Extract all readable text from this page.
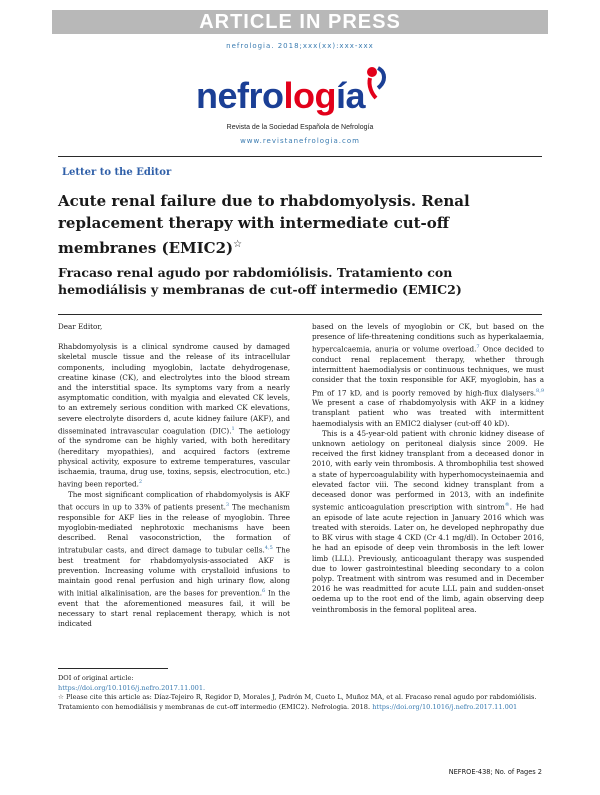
ARTICLE IN PRESS
nefrologia. 2018;xxx(xx):xxx-xxx
nefrología
Revista de la Sociedad Española de Nefrología
www.revistanefrologia.com
Letter to the Editor
Acute renal failure due to rhabdomyolysis. Renal replacement therapy with intermediate cut-off membranes (EMIC2)☆
Fracaso renal agudo por rabdomiólisis. Tratamiento con hemodiálisis y membranas de cut-off intermedio (EMIC2)

Dear Editor,

Rhabdomyolysis is a clinical syndrome caused by damaged skeletal muscle tissue and the release of its intracellular components, including myoglobin, lactate dehydrogenase, creatine kinase (CK), and electrolytes into the blood stream and the interstitial space. Its symptoms vary from a nearly asymptomatic condition, with myalgia and elevated CK levels, to an extremely serious condition with marked CK elevations, severe electrolyte disorders d, acute kidney failure (AKF), and disseminated intravascular coagulation (DIC).$^1$ The aetiology of the syndrome can be highly varied, with both hereditary (hereditary myopathies), and acquired factors (extreme physical activity, exposure to extreme temperatures, vascular ischaemia, trauma, drug use, toxins, sepsis, electrocution, etc.) having been reported.$^2$

The most significant complication of rhabdomyolysis is AKF that occurs in up to 33% of patients present.$^3$ The mechanism responsible for AKF lies in the release of myoglobin. Three myoglobin-mediated nephrotoxic mechanisms have been described. Renal vasoconstriction, the formation of intratubular casts, and direct damage to tubular cells.$^{4,5}$ The best treatment for rhabdomyolysis-associated AKF is prevention. Increasing volume with crystalloid infusions to maintain good renal perfusion and high urinary flow, along with initial alkalinisation, are the bases for prevention.$^6$ In the event that the aforementioned measures fail, it will be necessary to start renal replacement therapy, which is not indicated

based on the levels of myoglobin or CK, but based on the presence of life-threatening conditions such as hyperkalaemia, hypercalcaemia, anuria or volume overload.$^7$ Once decided to conduct renal replacement therapy, whether through intermittent haemodialysis or continuous techniques, we must consider that the toxin responsible for AKF, myoglobin, has a Pm of 17 kD, and is poorly removed by high-flux dialysers.$^{8,9}$ We present a case of rhabdomyolysis with AKF in a kidney transplant patient who was treated with intermittent haemodialysis with an EMIC2 dialyser (cut-off 40 kD).

This is a 45-year-old patient with chronic kidney disease of unknown aetiology on peritoneal dialysis since 2009. He received the first kidney transplant from a deceased donor in 2010, with early vein thrombosis. A thrombophilia test showed a state of hypercoagulability with hyperhomocysteinaemia and elevated factor viii. The second kidney transplant from a deceased donor was performed in 2013, with an indefinite systemic anticoagulation prescription with sintrom®. He had an episode of late acute rejection in January 2016 which was treated with steroids. Later on, he developed nephropathy due to BK virus with stage 4 CKD (Cr 4.1 mg/dl). In October 2016, he had an episode of deep vein thrombosis in the left lower limb (LLL). Previously, anticoagulant therapy was suspended due to lower gastrointestinal bleeding secondary to a colon polyp. Treatment with sintrom was resumed and in December 2016 he was readmitted for acute LLL pain and sudden-onset oedema up to the root end of the limb, again observing deep veinthrombosis in the femoral popliteal area.

DOI of original article:
https://doi.org/10.1016/j.nefro.2017.11.001.
☆ Please cite this article as: Díaz-Tejeiro R, Regidor D, Morales J, Padrón M, Cueto L, Muñoz MA, et al. Fracaso renal agudo por rabdomiólisis. Tratamiento con hemodiálisis y membranas de cut-off intermedio (EMIC2). Nefrologia. 2018. https://doi.org/10.1016/j.nefro.2017.11.001
NEFROE-438; No. of Pages 2
